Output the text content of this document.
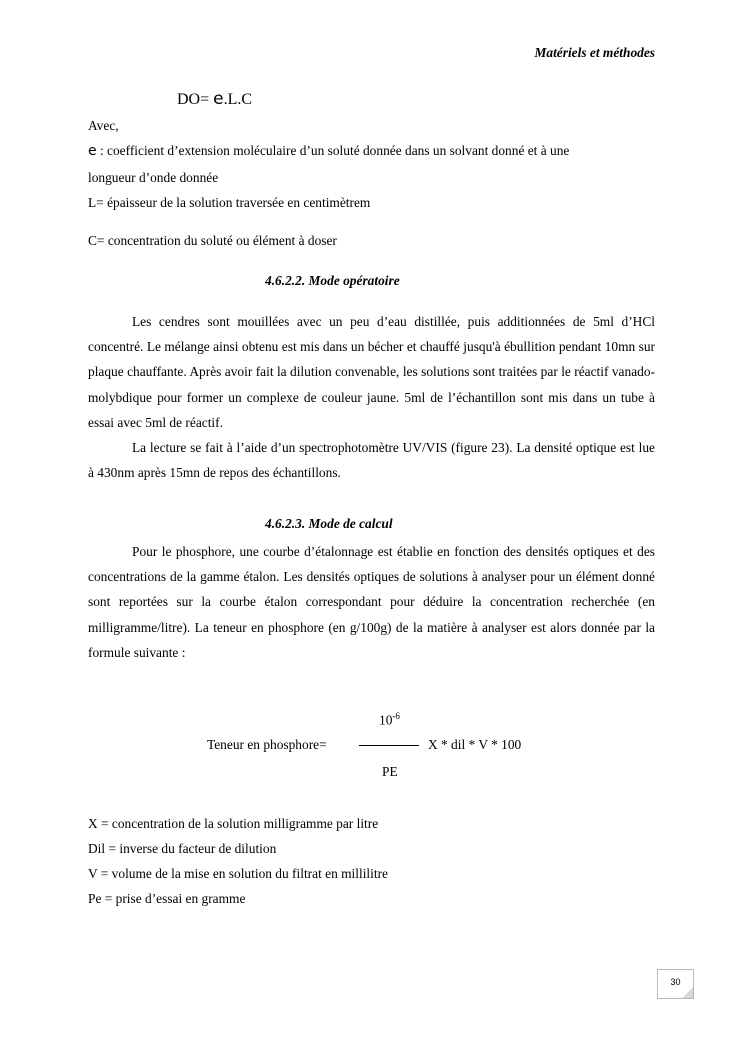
Matériels et méthodes
DO= e.L.C
Avec,
e : coefficient d’extension moléculaire d’un soluté donnée dans un solvant donné et à une
longueur d’onde donnée
L= épaisseur de la solution traversée en centimètrem
C= concentration du soluté ou élément à doser
4.6.2.2. Mode opératoire
Les cendres sont mouillées avec un peu d’eau distillée, puis additionnées de 5ml d’HCl concentré. Le mélange ainsi obtenu est mis dans un bécher et chauffé jusqu'à ébullition pendant 10mn sur plaque chauffante. Après avoir fait la dilution convenable, les solutions sont traitées par le réactif vanado-molybdique pour former un complexe de couleur jaune. 5ml de l’échantillon sont mis dans un tube à essai avec 5ml de réactif.
La lecture se fait à l’aide d’un spectrophotomètre UV/VIS (figure 23). La densité optique est lue à 430nm après 15mn de repos des échantillons.
4.6.2.3. Mode de calcul
Pour le phosphore, une courbe d’étalonnage est établie en fonction des densités optiques et des concentrations de la gamme étalon. Les densités optiques de solutions à analyser pour un élément donné sont reportées sur la courbe étalon correspondant pour déduire la concentration recherchée (en milligramme/litre). La teneur en phosphore (en g/100g) de la matière à analyser est alors donnée par la formule suivante :
$10^{-6}$
Teneur en phosphore=	X * dil * V * 100
PE
X = concentration de la solution milligramme par litre
Dil = inverse du facteur de dilution
V = volume de la mise en solution du filtrat en millilitre
Pe = prise d’essai en gramme
30
